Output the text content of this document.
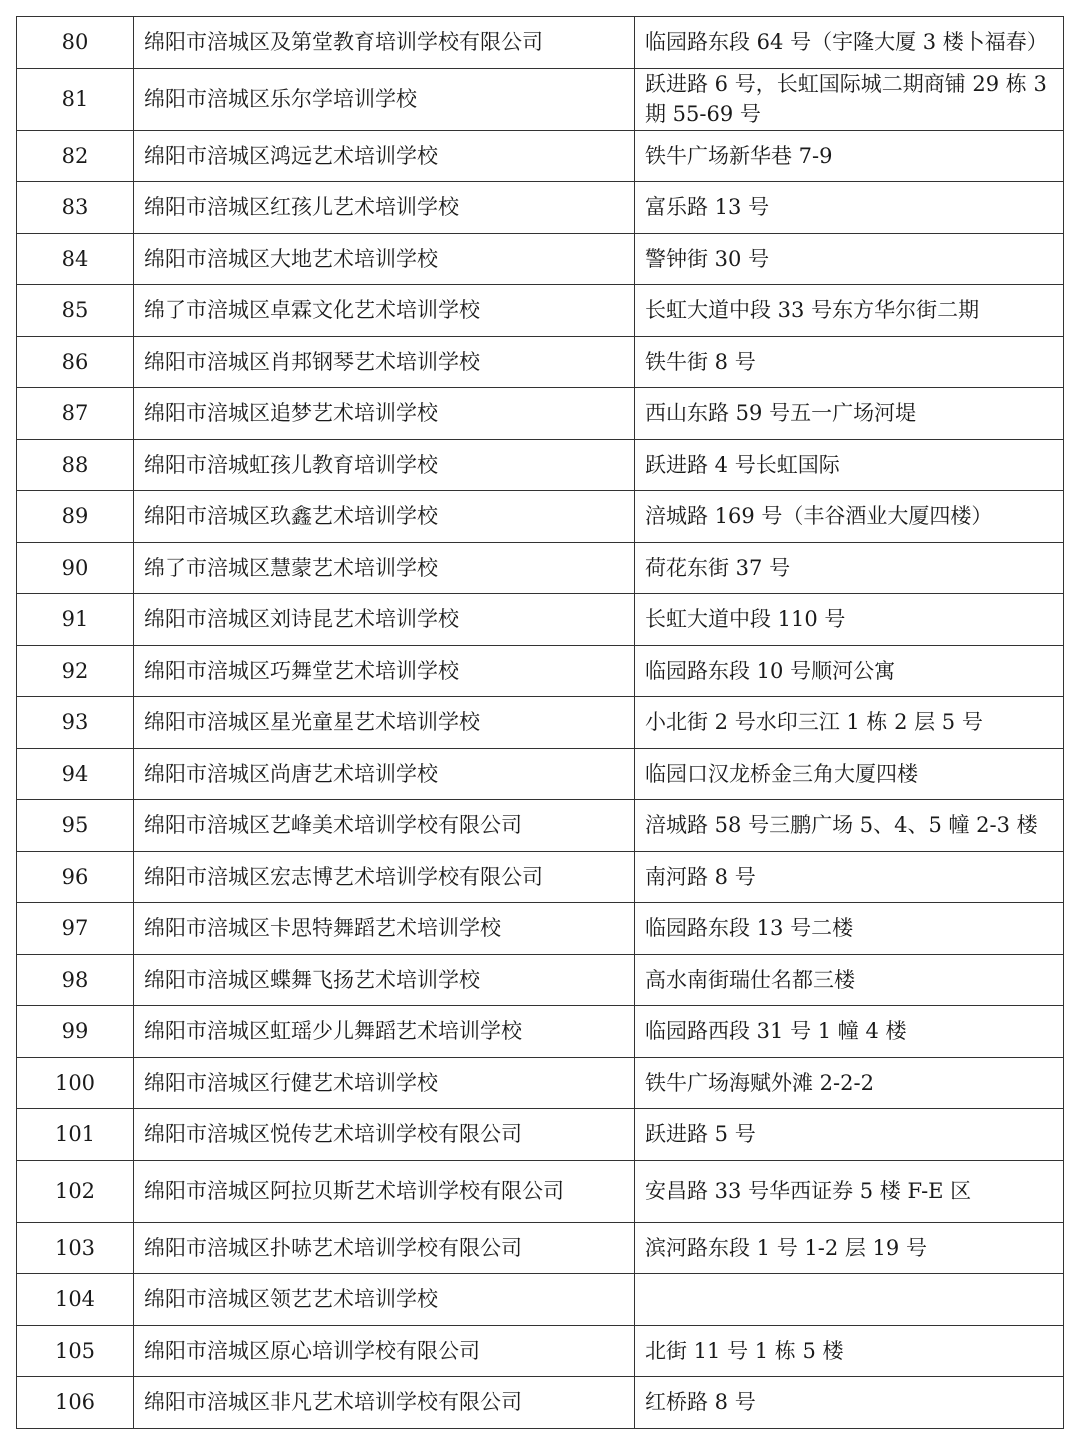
80	绵阳市涪城区及第堂教育培训学校有限公司	临园路东段 64 号（宇隆大厦 3 楼卜福春）
81	绵阳市涪城区乐尔学培训学校	跃进路 6 号，长虹国际城二期商铺 29 栋 3 期 55-69 号
82	绵阳市涪城区鸿远艺术培训学校	铁牛广场新华巷 7-9
83	绵阳市涪城区红孩儿艺术培训学校	富乐路 13 号
84	绵阳市涪城区大地艺术培训学校	警钟街 30 号
85	绵了市涪城区卓霖文化艺术培训学校	长虹大道中段 33 号东方华尔街二期
86	绵阳市涪城区肖邦钢琴艺术培训学校	铁牛街 8 号
87	绵阳市涪城区追梦艺术培训学校	西山东路 59 号五一广场河堤
88	绵阳市涪城虹孩儿教育培训学校	跃进路 4 号长虹国际
89	绵阳市涪城区玖鑫艺术培训学校	涪城路 169 号（丰谷酒业大厦四楼）
90	绵了市涪城区慧蒙艺术培训学校	荷花东街 37 号
91	绵阳市涪城区刘诗昆艺术培训学校	长虹大道中段 110 号
92	绵阳市涪城区巧舞堂艺术培训学校	临园路东段 10 号顺河公寓
93	绵阳市涪城区星光童星艺术培训学校	小北街 2 号水印三江 1 栋 2 层 5 号
94	绵阳市涪城区尚唐艺术培训学校	临园口汉龙桥金三角大厦四楼
95	绵阳市涪城区艺峰美术培训学校有限公司	涪城路 58 号三鹏广场 5、4、5 幢 2-3 楼
96	绵阳市涪城区宏志博艺术培训学校有限公司	南河路 8 号
97	绵阳市涪城区卡思特舞蹈艺术培训学校	临园路东段 13 号二楼
98	绵阳市涪城区蝶舞飞扬艺术培训学校	高水南街瑞仕名都三楼
99	绵阳市涪城区虹瑶少儿舞蹈艺术培训学校	临园路西段 31 号 1 幢 4 楼
100	绵阳市涪城区行健艺术培训学校	铁牛广场海赋外滩 2-2-2
101	绵阳市涪城区悦传艺术培训学校有限公司	跃进路 5 号
102	绵阳市涪城区阿拉贝斯艺术培训学校有限公司	安昌路 33 号华西证券 5 楼 F-E 区
103	绵阳市涪城区扑哧艺术培训学校有限公司	滨河路东段 1 号 1-2 层 19 号
104	绵阳市涪城区领艺艺术培训学校	
105	绵阳市涪城区原心培训学校有限公司	北街 11 号 1 栋 5 楼
106	绵阳市涪城区非凡艺术培训学校有限公司	红桥路 8 号
